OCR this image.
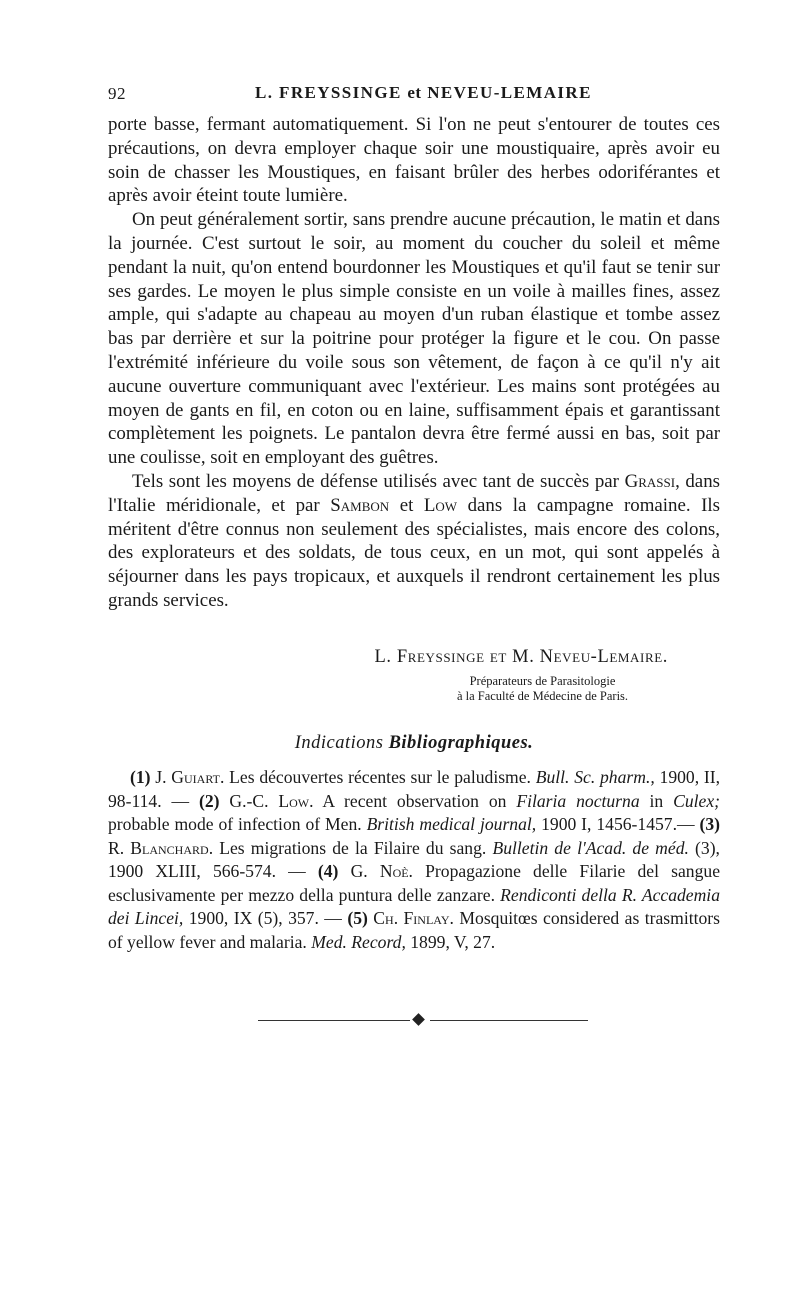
92	L. FREYSSINGE et NEVEU-LEMAIRE

porte basse, fermant automatiquement. Si l'on ne peut s'entourer de toutes ces précautions, on devra employer chaque soir une moustiquaire, après avoir eu soin de chasser les Moustiques, en faisant brûler des herbes odoriférantes et après avoir éteint toute lumière.

On peut généralement sortir, sans prendre aucune précaution, le matin et dans la journée. C'est surtout le soir, au moment du coucher du soleil et même pendant la nuit, qu'on entend bourdonner les Moustiques et qu'il faut se tenir sur ses gardes. Le moyen le plus simple consiste en un voile à mailles fines, assez ample, qui s'adapte au chapeau au moyen d'un ruban élastique et tombe assez bas par derrière et sur la poitrine pour protéger la figure et le cou. On passe l'extrémité inférieure du voile sous son vêtement, de façon à ce qu'il n'y ait aucune ouverture communiquant avec l'extérieur. Les mains sont protégées au moyen de gants en fil, en coton ou en laine, suffisamment épais et garantissant complètement les poignets. Le pantalon devra être fermé aussi en bas, soit par une coulisse, soit en employant des guêtres.

Tels sont les moyens de défense utilisés avec tant de succès par Grassi, dans l'Italie méridionale, et par Sambon et Low dans la campagne romaine. Ils méritent d'être connus non seulement des spécialistes, mais encore des colons, des explorateurs et des soldats, de tous ceux, en un mot, qui sont appelés à séjourner dans les pays tropicaux, et auxquels il rendront certainement les plus grands services.

L. Freyssinge et M. Neveu-Lemaire.
Préparateurs de Parasitologie
à la Faculté de Médecine de Paris.
Indications Bibliographiques.
(1) J. Guiart. Les découvertes récentes sur le paludisme. Bull. Sc. pharm., 1900, II, 98-114. — (2) G.-C. Low. A recent observation on Filaria nocturna in Culex; probable mode of infection of Men. British medical journal, 1900 I, 1456-1457.— (3) R. Blanchard. Les migrations de la Filaire du sang. Bulletin de l'Acad. de méd. (3), 1900 XLIII, 566-574. — (4) G. Noè. Propagazione delle Filarie del sangue esclusivamente per mezzo della puntura delle zanzare. Rendiconti della R. Accademia dei Lincei, 1900, IX (5), 357. — (5) Ch. Finlay. Mosquitœs considered as trasmittors of yellow fever and malaria. Med. Record, 1899, V, 27.
